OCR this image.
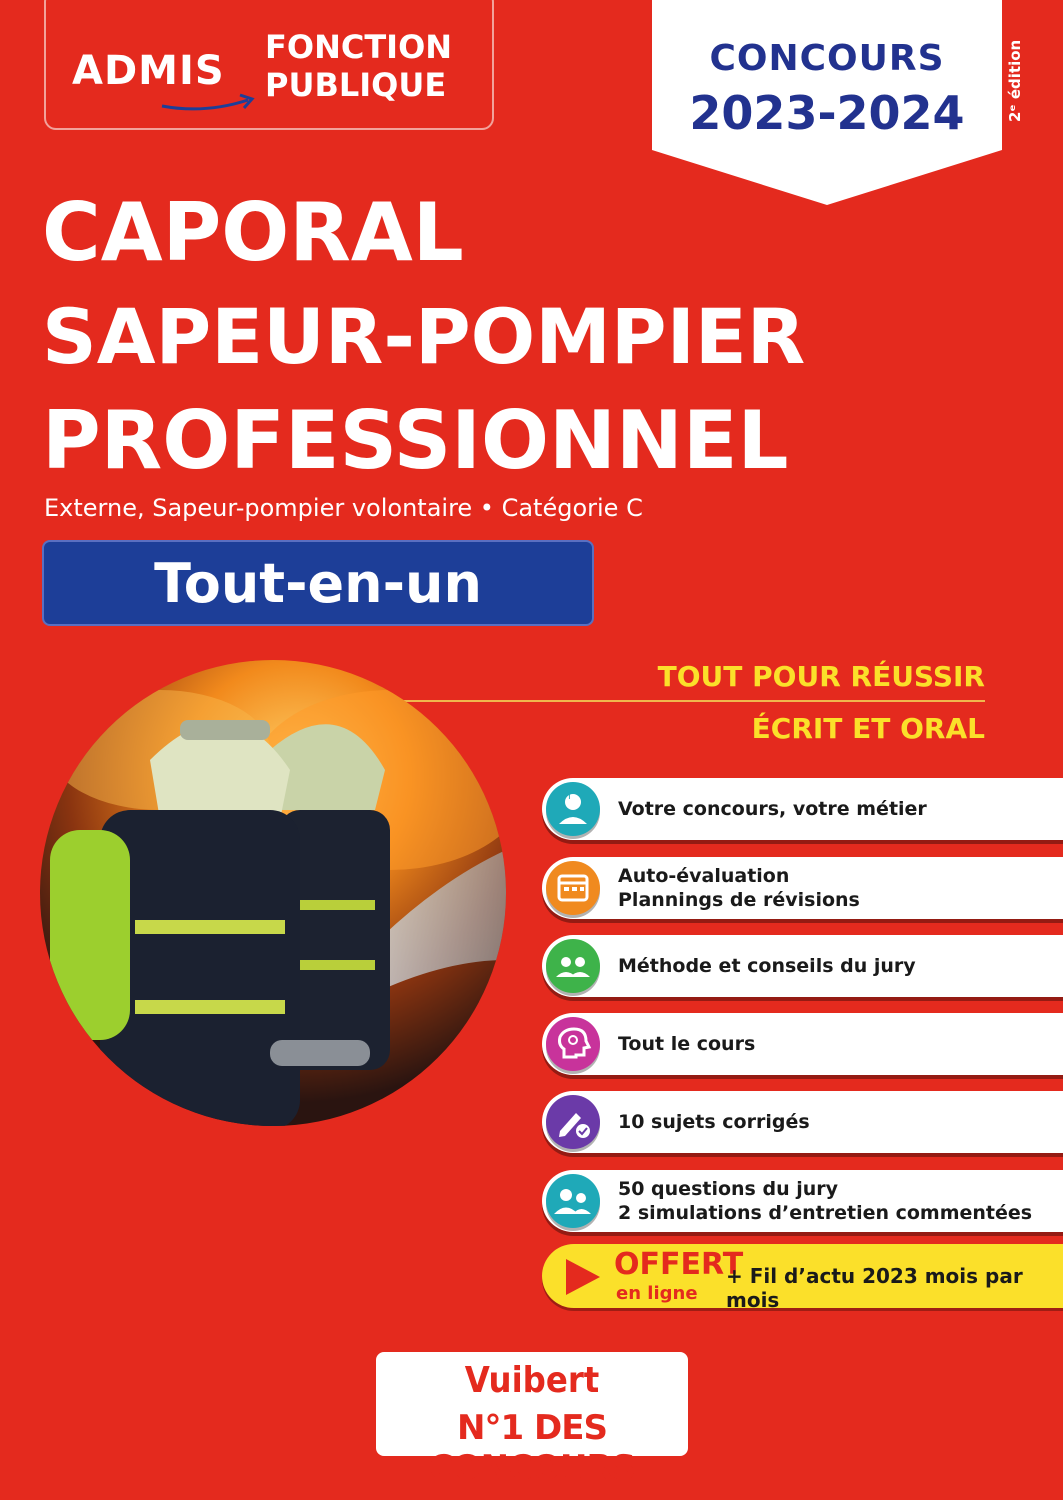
ADMIS
FONCTION
PUBLIQUE
CONCOURS
2023-2024	2ᵉ édition
CAPORAL
SAPEUR-POMPIER
PROFESSIONNEL
Externe, Sapeur-pompier volontaire • Catégorie C
Tout-en-un
TOUT POUR RÉUSSIR
ÉCRIT ET ORAL
i
Votre concours, votre métier
Auto-évaluation
Plannings de révisions
Méthode et conseils du jury
Tout le cours
10 sujets corrigés
50 questions du jury
2 simulations d’entretien commentées
OFFERT
en ligne
+ Fil d’actu 2023 mois par mois
Vuibert
N°1 DES CONCOURS
